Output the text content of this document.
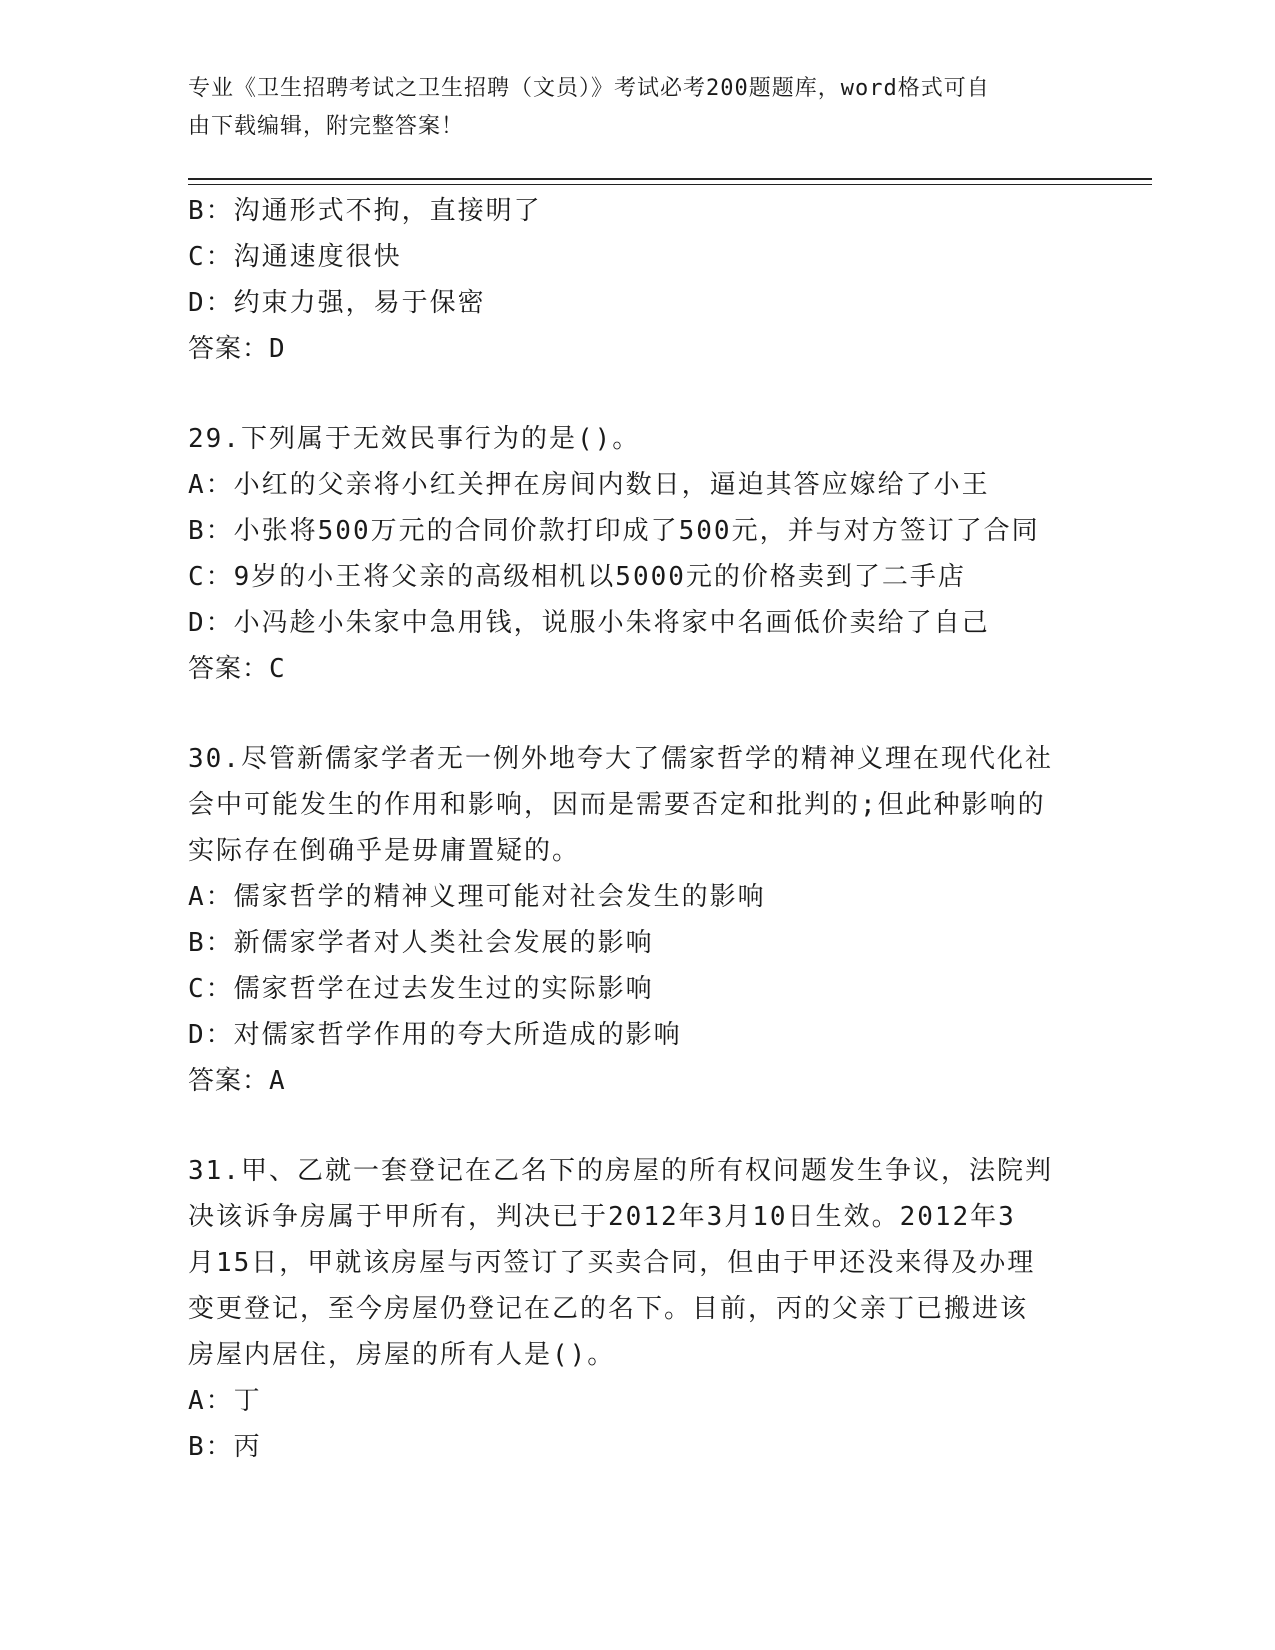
专业《卫生招聘考试之卫生招聘（文员）》考试必考200题题库，word格式可自
由下载编辑，附完整答案！
B：沟通形式不拘，直接明了
C：沟通速度很快
D：约束力强，易于保密
答案：D
29.下列属于无效民事行为的是()。
A：小红的父亲将小红关押在房间内数日，逼迫其答应嫁给了小王
B：小张将500万元的合同价款打印成了500元，并与对方签订了合同
C：9岁的小王将父亲的高级相机以5000元的价格卖到了二手店
D：小冯趁小朱家中急用钱，说服小朱将家中名画低价卖给了自己
答案：C
30.尽管新儒家学者无一例外地夸大了儒家哲学的精神义理在现代化社
会中可能发生的作用和影响，因而是需要否定和批判的;但此种影响的
实际存在倒确乎是毋庸置疑的。
A：儒家哲学的精神义理可能对社会发生的影响
B：新儒家学者对人类社会发展的影响
C：儒家哲学在过去发生过的实际影响
D：对儒家哲学作用的夸大所造成的影响
答案：A
31.甲、乙就一套登记在乙名下的房屋的所有权问题发生争议，法院判
决该诉争房属于甲所有，判决已于2012年3月10日生效。2012年3
月15日，甲就该房屋与丙签订了买卖合同，但由于甲还没来得及办理
变更登记，至今房屋仍登记在乙的名下。目前，丙的父亲丁已搬进该
房屋内居住，房屋的所有人是()。
A：丁
B：丙
